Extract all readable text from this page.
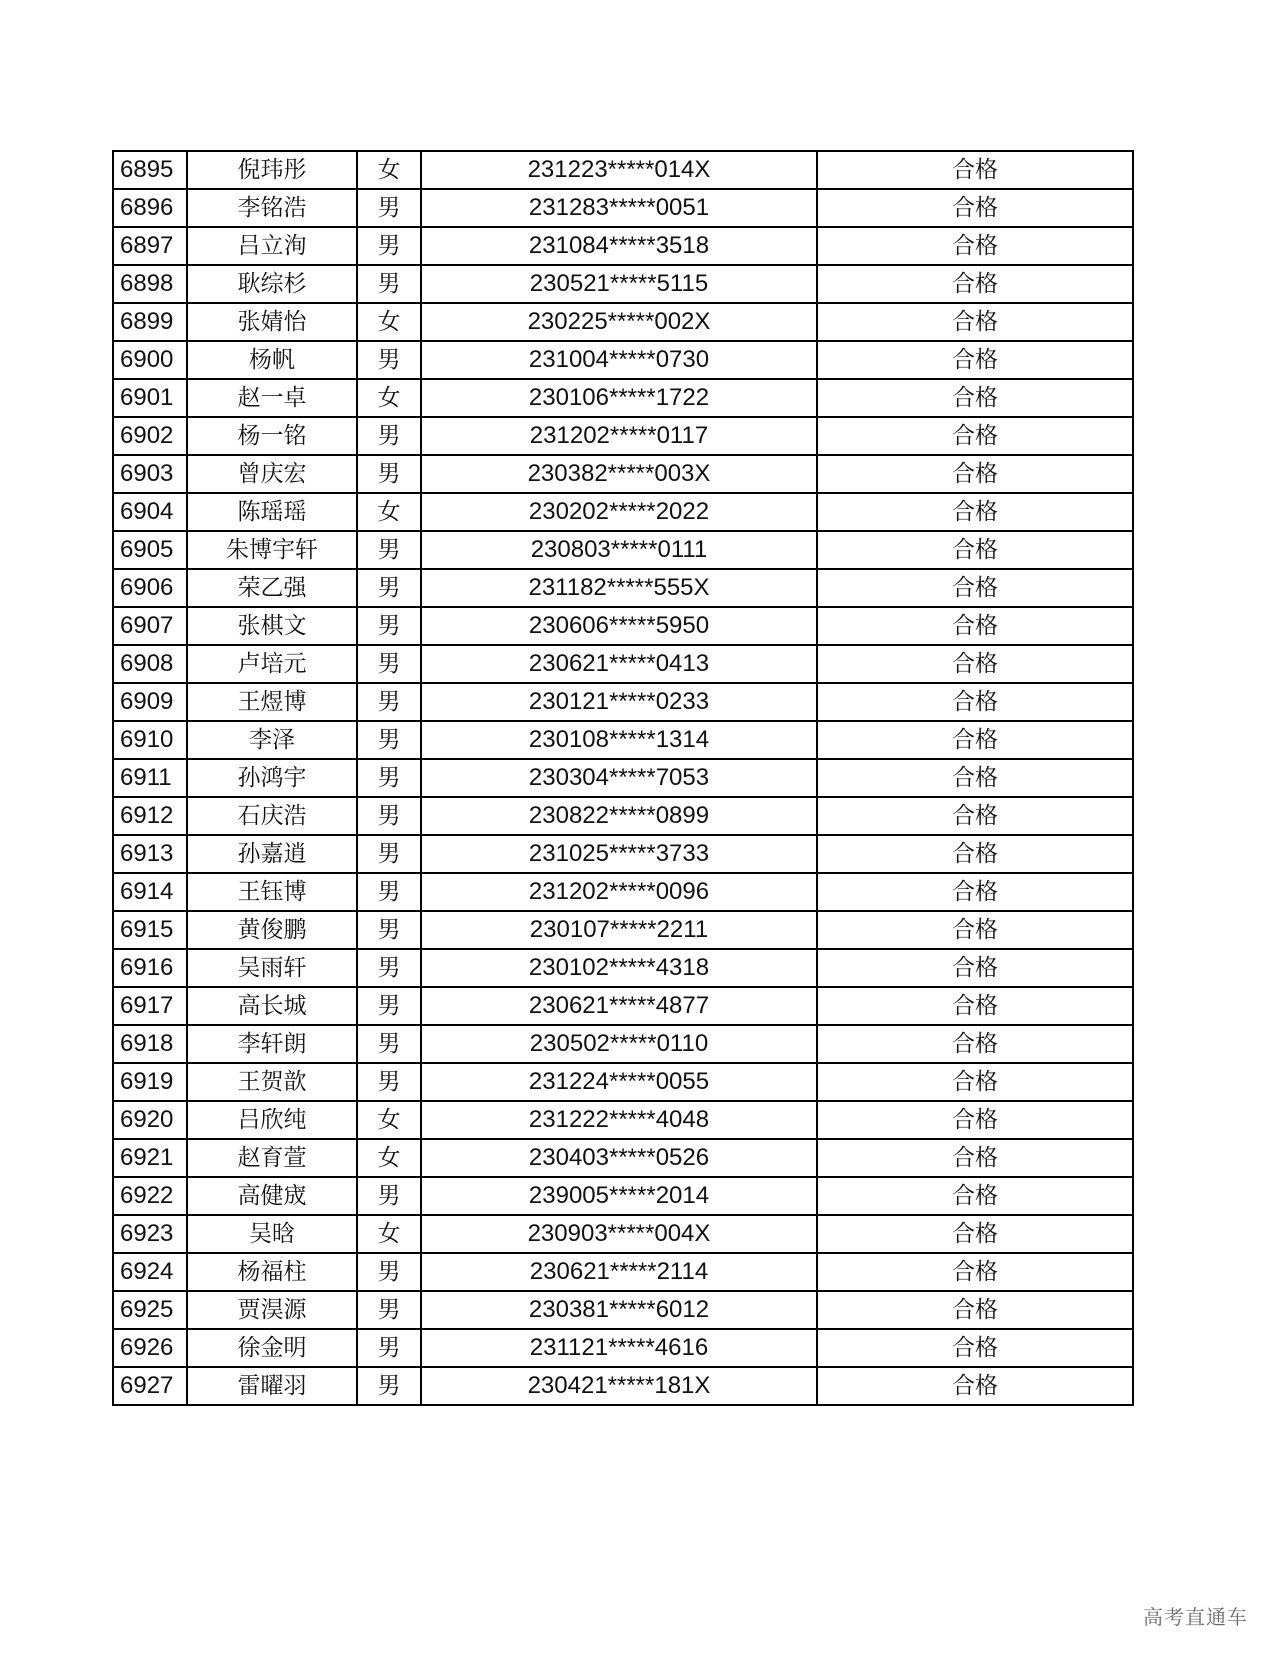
6895	倪玮彤	女	231223*****014X	合格
6896	李铭浩	男	231283*****0051	合格
6897	吕立洵	男	231084*****3518	合格
6898	耿综杉	男	230521*****5115	合格
6899	张婧怡	女	230225*****002X	合格
6900	杨帆	男	231004*****0730	合格
6901	赵一卓	女	230106*****1722	合格
6902	杨一铭	男	231202*****0117	合格
6903	曾庆宏	男	230382*****003X	合格
6904	陈瑶瑶	女	230202*****2022	合格
6905	朱博宇轩	男	230803*****0111	合格
6906	荣乙强	男	231182*****555X	合格
6907	张棋文	男	230606*****5950	合格
6908	卢培元	男	230621*****0413	合格
6909	王煜博	男	230121*****0233	合格
6910	李泽	男	230108*****1314	合格
6911	孙鸿宇	男	230304*****7053	合格
6912	石庆浩	男	230822*****0899	合格
6913	孙嘉逍	男	231025*****3733	合格
6914	王钰博	男	231202*****0096	合格
6915	黄俊鹏	男	230107*****2211	合格
6916	吴雨轩	男	230102*****4318	合格
6917	高长城	男	230621*****4877	合格
6918	李轩朗	男	230502*****0110	合格
6919	王贺歆	男	231224*****0055	合格
6920	吕欣纯	女	231222*****4048	合格
6921	赵育萱	女	230403*****0526	合格
6922	高健宬	男	239005*****2014	合格
6923	吴晗	女	230903*****004X	合格
6924	杨福柱	男	230621*****2114	合格
6925	贾淏源	男	230381*****6012	合格
6926	徐金明	男	231121*****4616	合格
6927	雷曜羽	男	230421*****181X	合格
高考直通车
